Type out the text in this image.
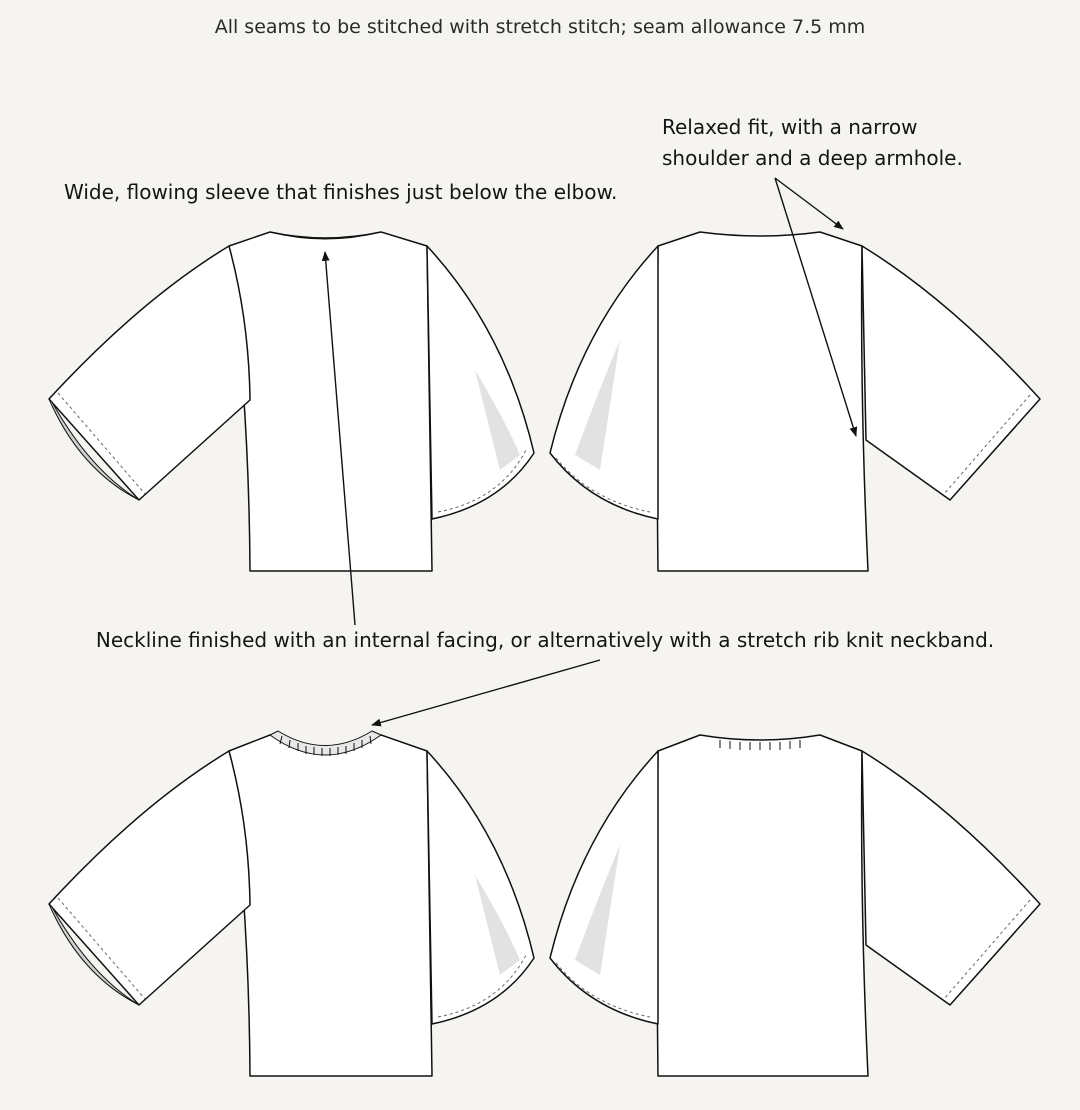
All seams to be stitched with stretch stitch; seam allowance 7.5 mm

Relaxed fit, with a narrow
shoulder and a deep armhole.

Wide, flowing sleeve that finishes just below the elbow.

Neckline finished with an internal facing, or alternatively with a stretch rib knit neckband.
